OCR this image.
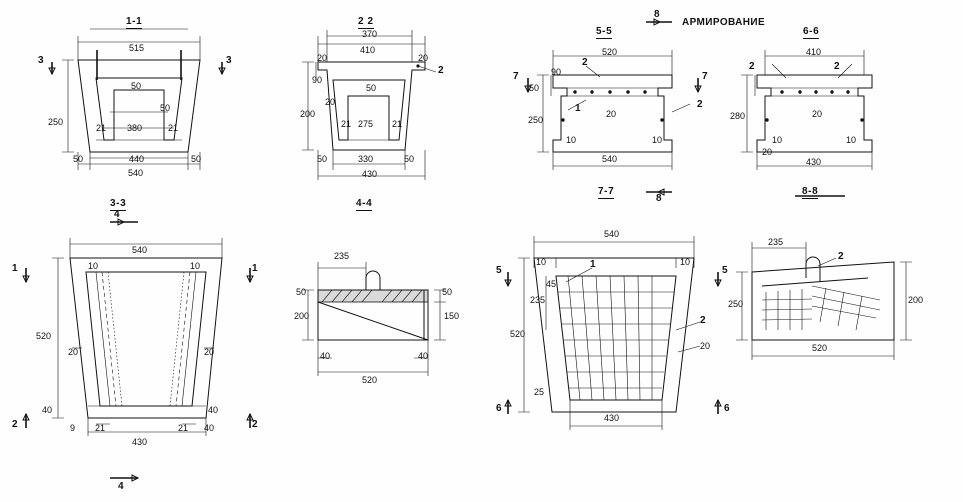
1-1	2 2
5-5	6-6
3-3	4-4
7-7	8-8
АРМИРОВАНИЕ
515
50
50
250
21 380	21
50	440	50
540
3	3
410
20
370
20
90
50
20
200
21 275 21
50	330	50
430
2
520
90
50
250
1	20
10	10
540
2
7	7
8
8
2
410
280	20
10	10
20
430
2	2
540
10	10
520
20	20
40	40
9 21	21 40
430
1	1
2	2
4
4
235
50
200
50
150
40	40
520
540
10	10
45
235
520
25
430
1
2
20
5	5
6	6
235
250	200
520
2
